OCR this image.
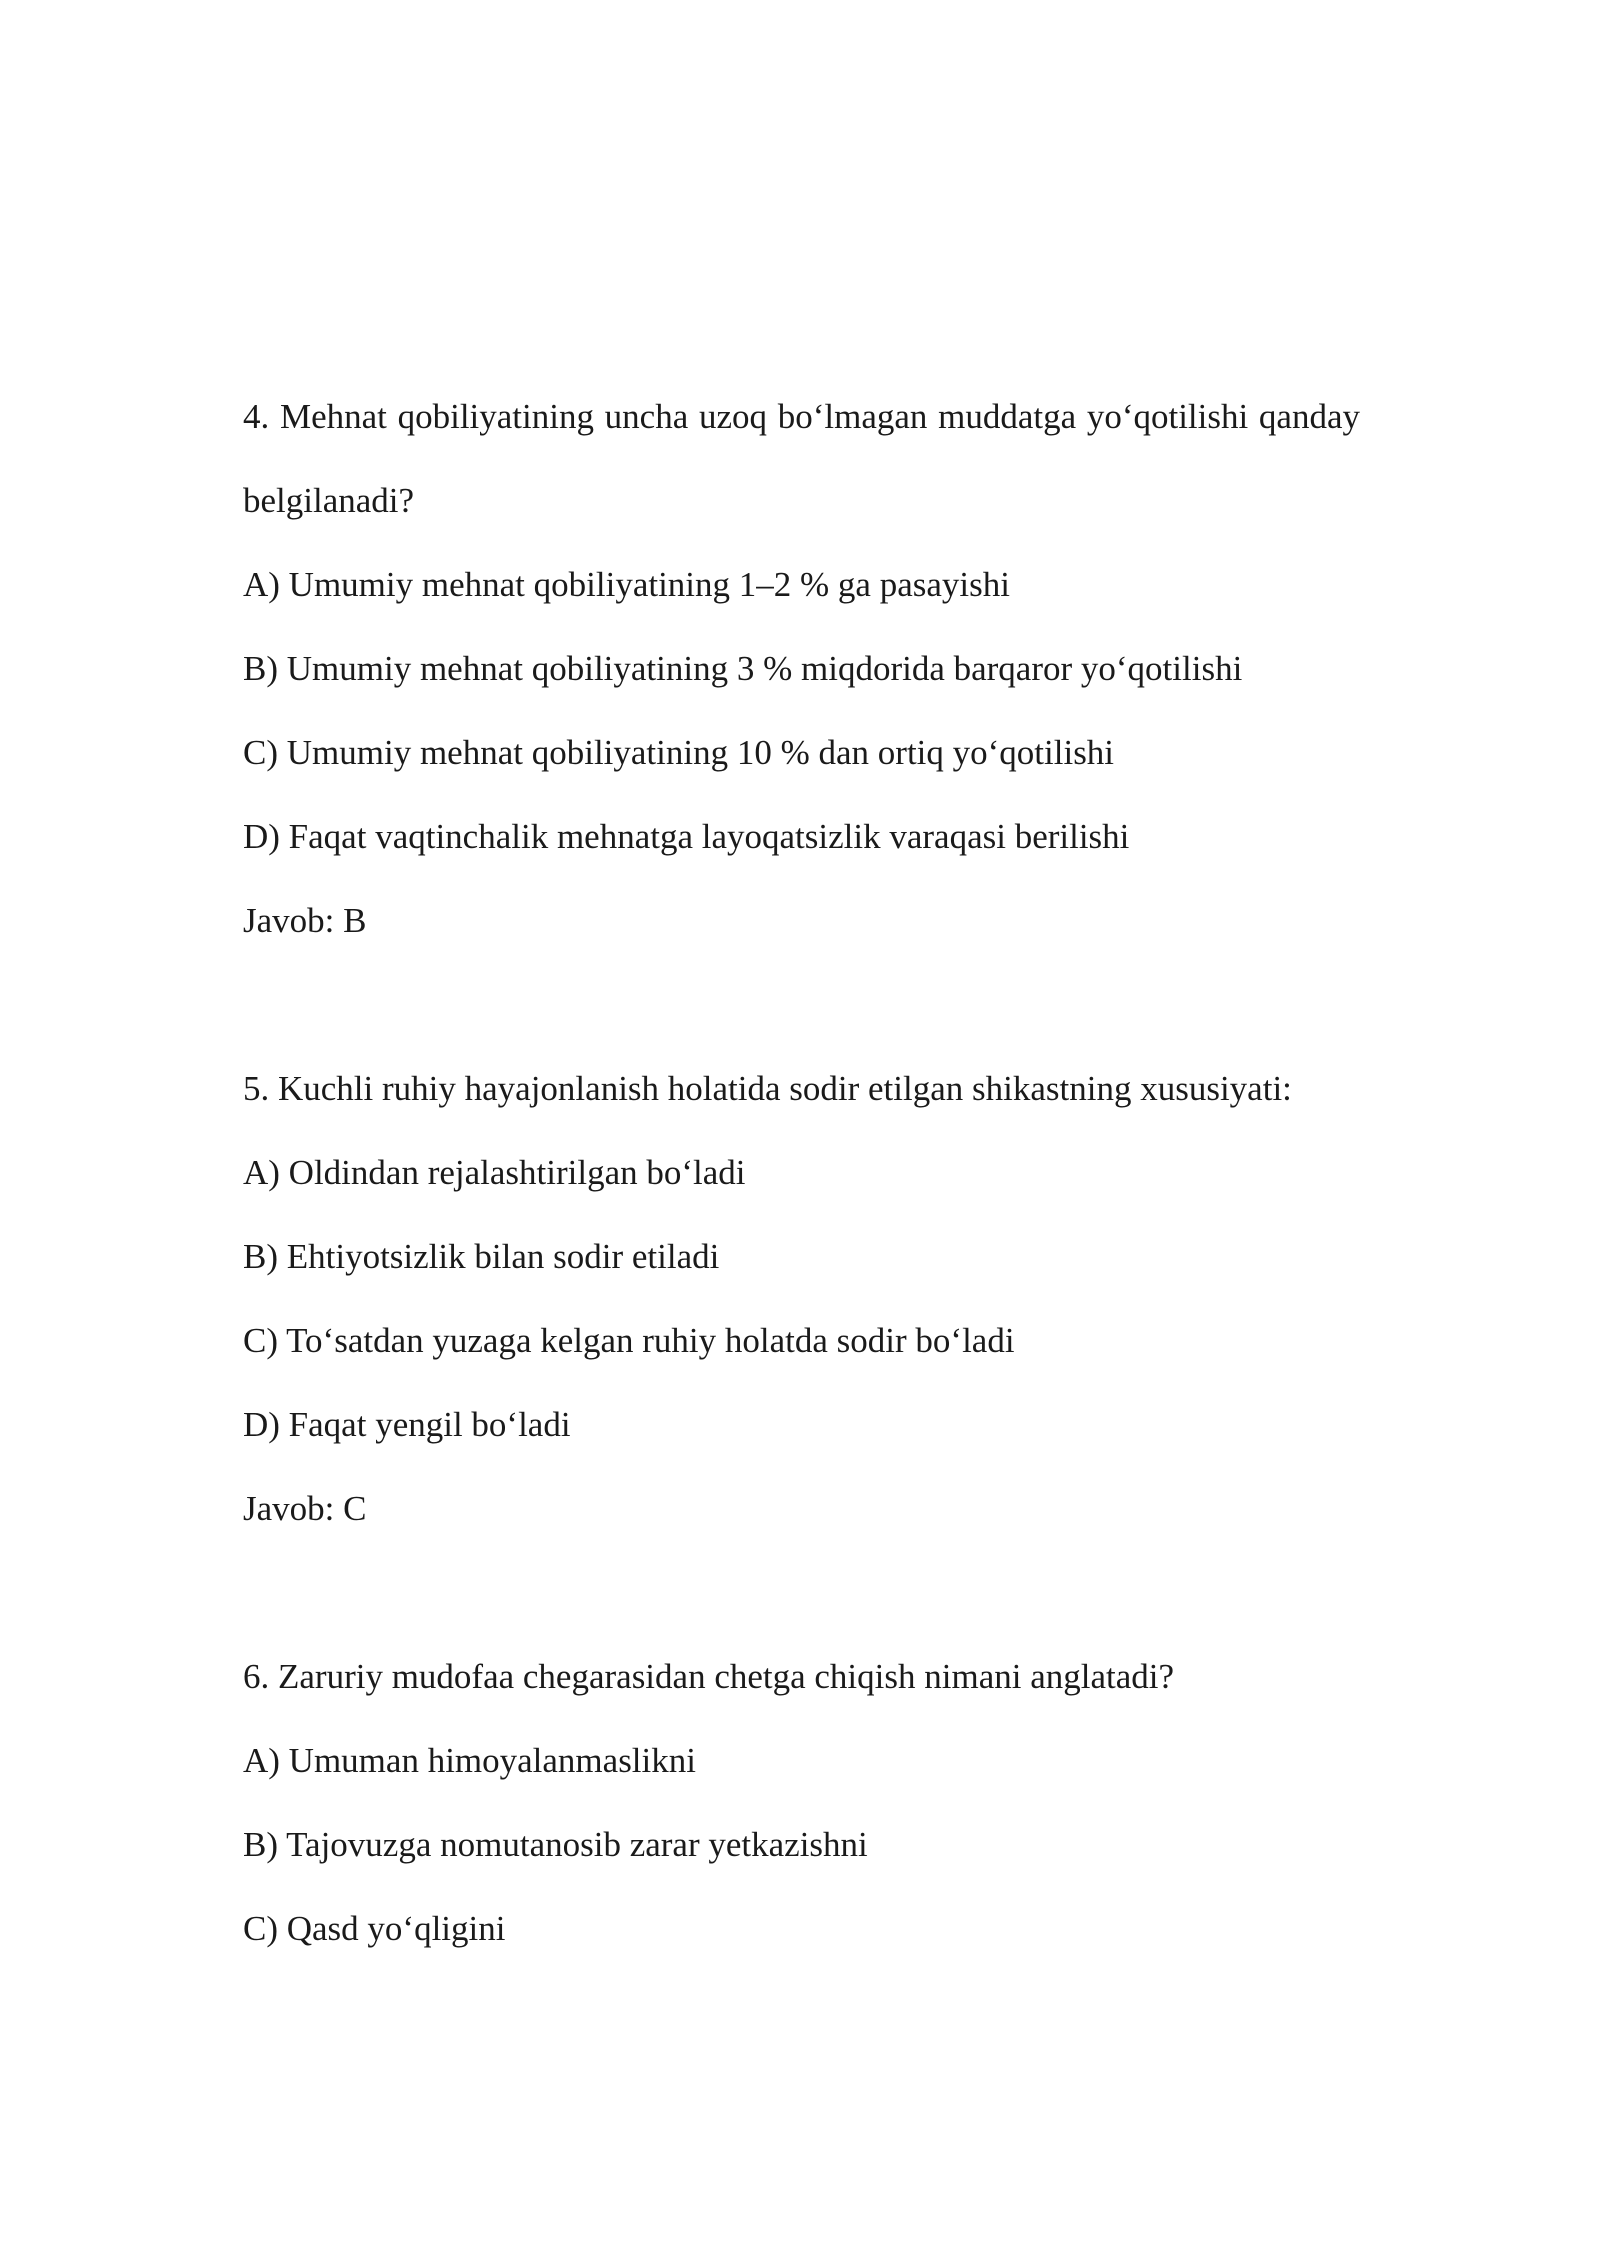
4. Mehnat qobiliyatining uncha uzoq bo‘lmagan muddatga yo‘qotilishi qanday belgilanadi?

A) Umumiy mehnat qobiliyatining 1–2 % ga pasayishi

B) Umumiy mehnat qobiliyatining 3 % miqdorida barqaror yo‘qotilishi

C) Umumiy mehnat qobiliyatining 10 % dan ortiq yo‘qotilishi

D) Faqat vaqtinchalik mehnatga layoqatsizlik varaqasi berilishi

Javob: B

5. Kuchli ruhiy hayajonlanish holatida sodir etilgan shikastning xususiyati:

A) Oldindan rejalashtirilgan bo‘ladi

B) Ehtiyotsizlik bilan sodir etiladi

C) To‘satdan yuzaga kelgan ruhiy holatda sodir bo‘ladi

D) Faqat yengil bo‘ladi

Javob: C

6. Zaruriy mudofaa chegarasidan chetga chiqish nimani anglatadi?

A) Umuman himoyalanmaslikni

B) Tajovuzga nomutanosib zarar yetkazishni

C) Qasd yo‘qligini
